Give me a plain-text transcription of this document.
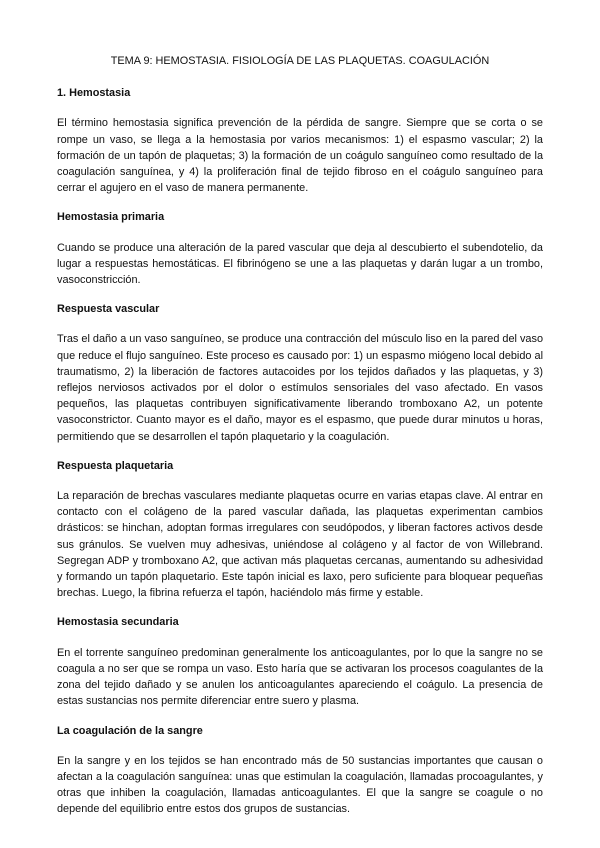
TEMA 9: HEMOSTASIA. FISIOLOGÍA DE LAS PLAQUETAS. COAGULACIÓN
1. Hemostasia

El término hemostasia significa prevención de la pérdida de sangre. Siempre que se corta o se rompe un vaso, se llega a la hemostasia por varios mecanismos: 1) el espasmo vascular; 2) la formación de un tapón de plaquetas; 3) la formación de un coágulo sanguíneo como resultado de la coagulación sanguínea, y 4) la proliferación final de tejido fibroso en el coágulo sanguíneo para cerrar el agujero en el vaso de manera permanente.

Hemostasia primaria

Cuando se produce una alteración de la pared vascular que deja al descubierto el subendotelio, da lugar a respuestas hemostáticas. El fibrinógeno se une a las plaquetas y darán lugar a un trombo, vasoconstricción.

Respuesta vascular

Tras el daño a un vaso sanguíneo, se produce una contracción del músculo liso en la pared del vaso que reduce el flujo sanguíneo. Este proceso es causado por: 1) un espasmo miógeno local debido al traumatismo, 2) la liberación de factores autacoides por los tejidos dañados y las plaquetas, y 3) reflejos nerviosos activados por el dolor o estímulos sensoriales del vaso afectado. En vasos pequeños, las plaquetas contribuyen significativamente liberando tromboxano A2, un potente vasoconstrictor. Cuanto mayor es el daño, mayor es el espasmo, que puede durar minutos u horas, permitiendo que se desarrollen el tapón plaquetario y la coagulación.

Respuesta plaquetaria

La reparación de brechas vasculares mediante plaquetas ocurre en varias etapas clave. Al entrar en contacto con el colágeno de la pared vascular dañada, las plaquetas experimentan cambios drásticos: se hinchan, adoptan formas irregulares con seudópodos, y liberan factores activos desde sus gránulos. Se vuelven muy adhesivas, uniéndose al colágeno y al factor de von Willebrand. Segregan ADP y tromboxano A2, que activan más plaquetas cercanas, aumentando su adhesividad y formando un tapón plaquetario. Este tapón inicial es laxo, pero suficiente para bloquear pequeñas brechas. Luego, la fibrina refuerza el tapón, haciéndolo más firme y estable.

Hemostasia secundaria

En el torrente sanguíneo predominan generalmente los anticoagulantes, por lo que la sangre no se coagula a no ser que se rompa un vaso. Esto haría que se activaran los procesos coagulantes de la zona del tejido dañado y se anulen los anticoagulantes apareciendo el coágulo. La presencia de estas sustancias nos permite diferenciar entre suero y plasma.

La coagulación de la sangre

En la sangre y en los tejidos se han encontrado más de 50 sustancias importantes que causan o afectan a la coagulación sanguínea: unas que estimulan la coagulación, llamadas procoagulantes, y otras que inhiben la coagulación, llamadas anticoagulantes. El que la sangre se coagule o no depende del equilibrio entre estos dos grupos de sustancias.
